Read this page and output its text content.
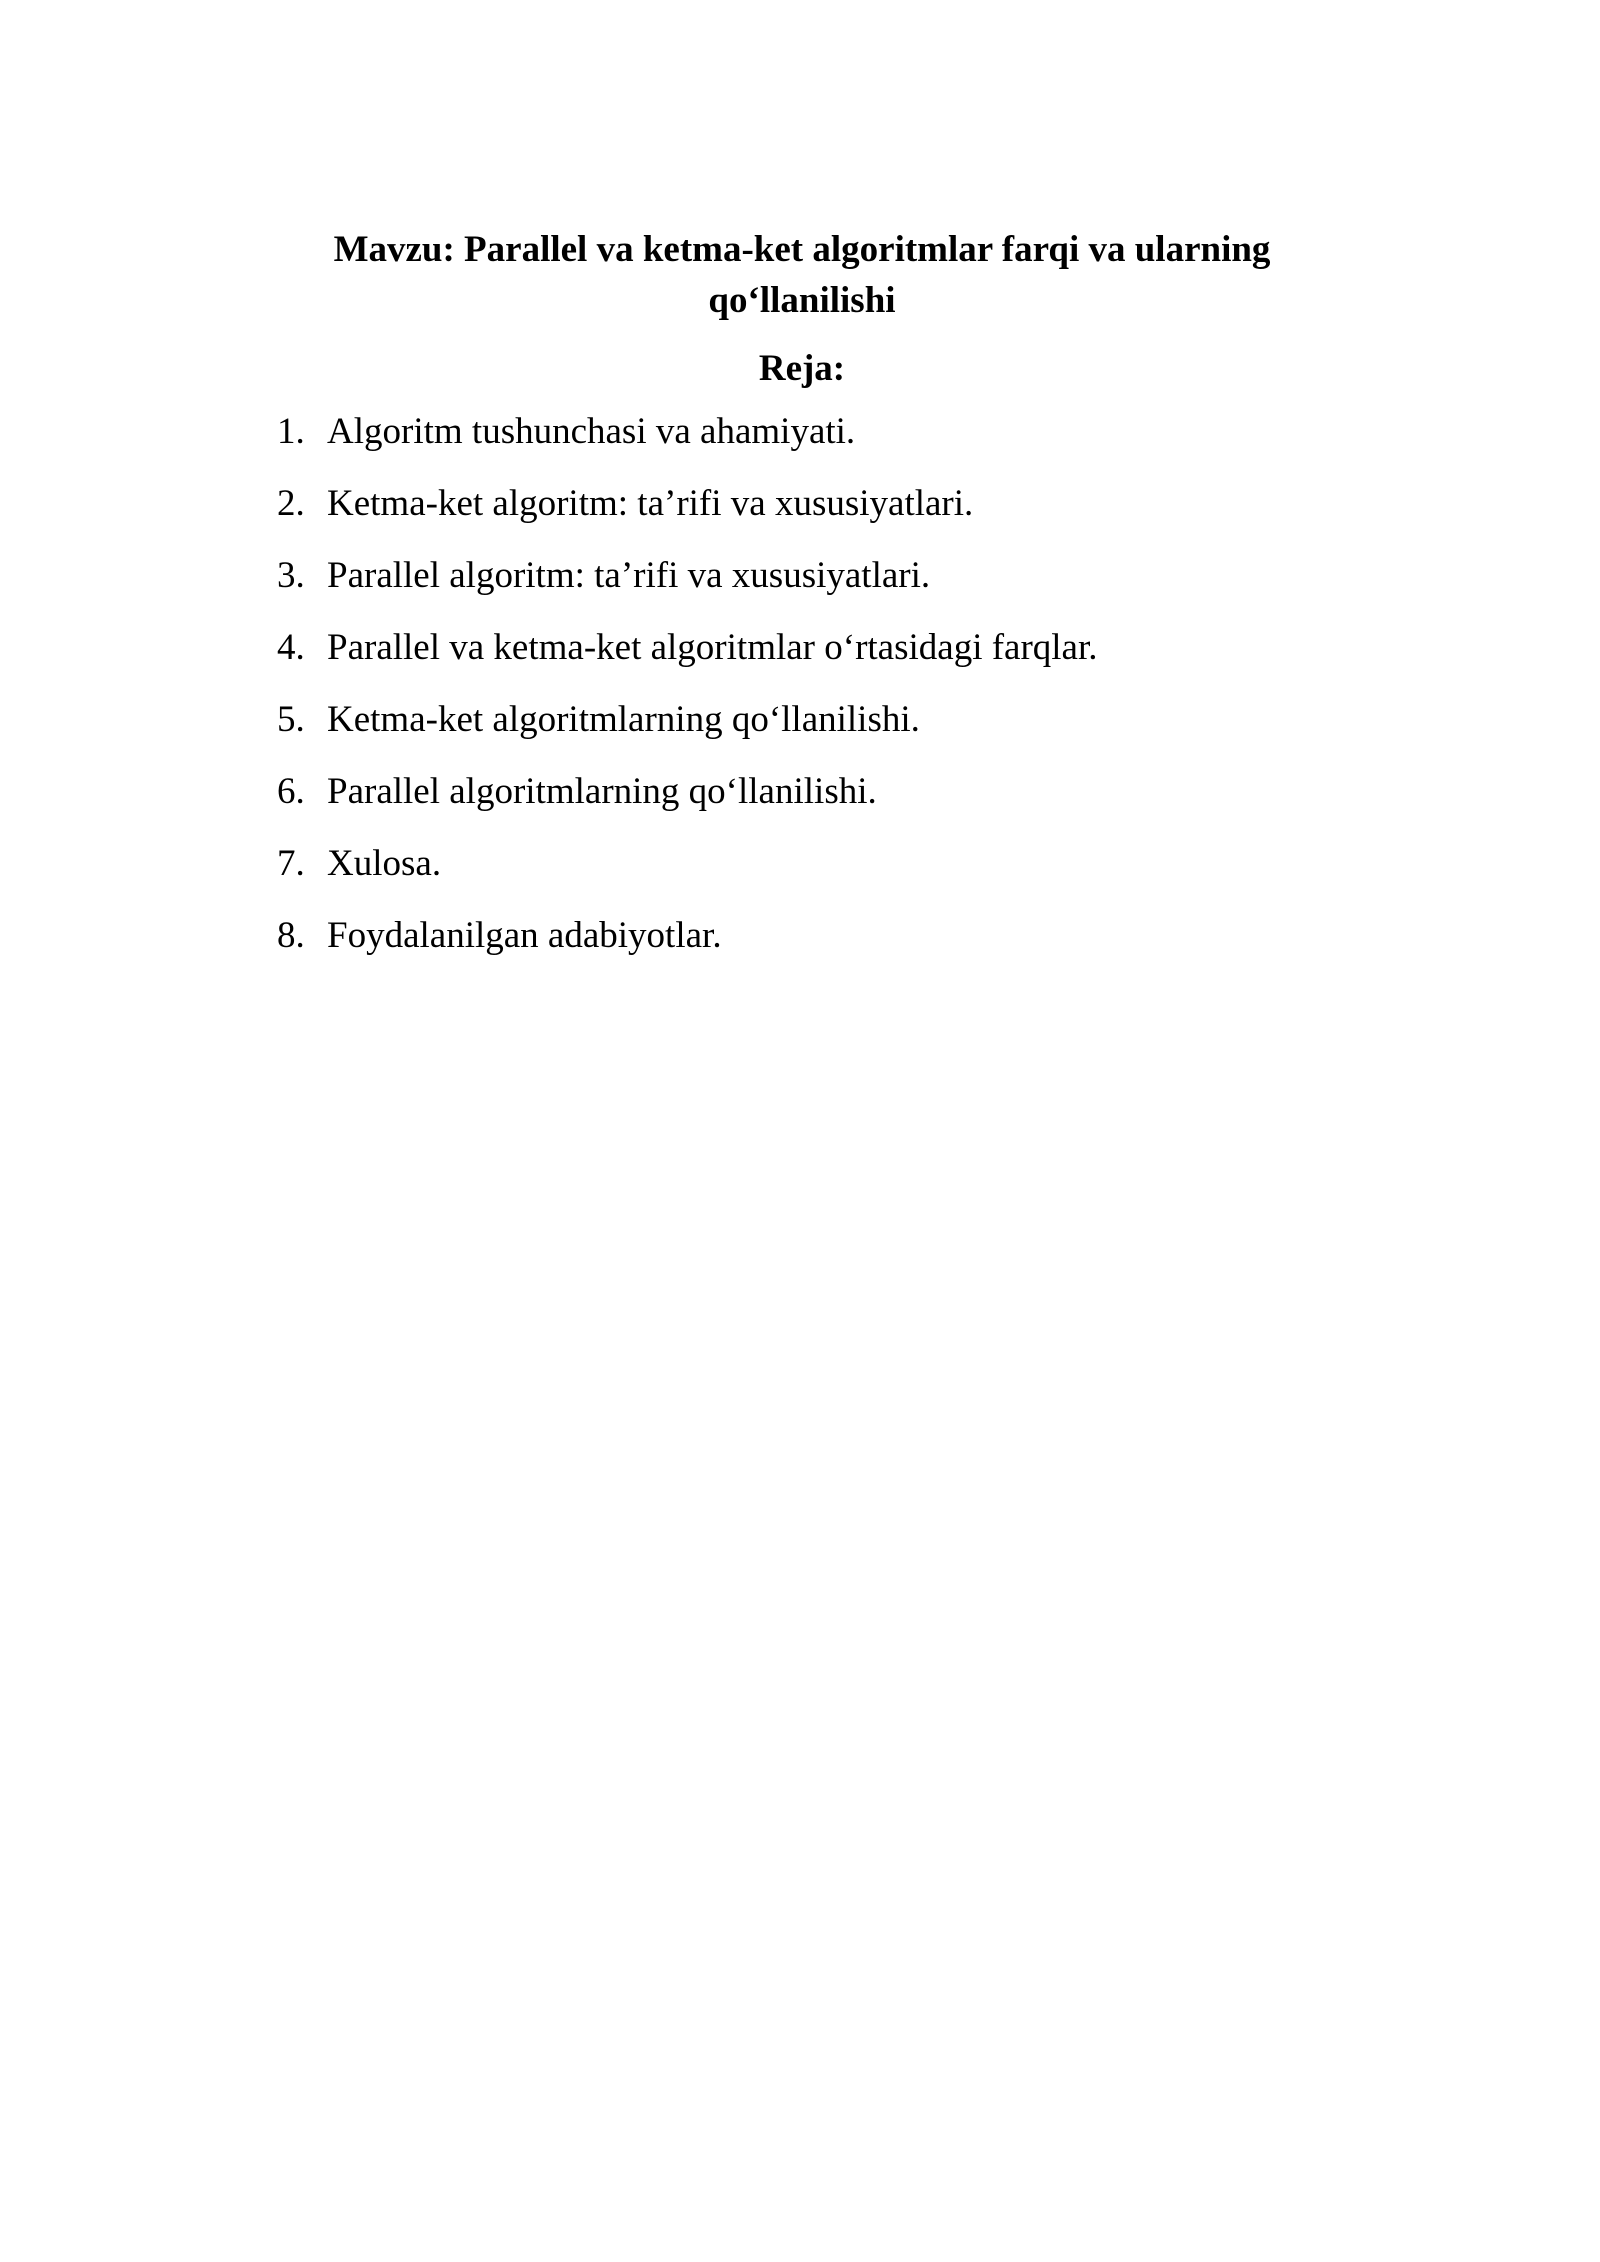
Mavzu: Parallel va ketma-ket algoritmlar farqi va ularning qo‘llanilishi
Reja:
1. Algoritm tushunchasi va ahamiyati.
2. Ketma-ket algoritm: ta’rifi va xususiyatlari.
3. Parallel algoritm: ta’rifi va xususiyatlari.
4. Parallel va ketma-ket algoritmlar o‘rtasidagi farqlar.
5. Ketma-ket algoritmlarning qo‘llanilishi.
6. Parallel algoritmlarning qo‘llanilishi.
7. Xulosa.
8. Foydalanilgan adabiyotlar.
